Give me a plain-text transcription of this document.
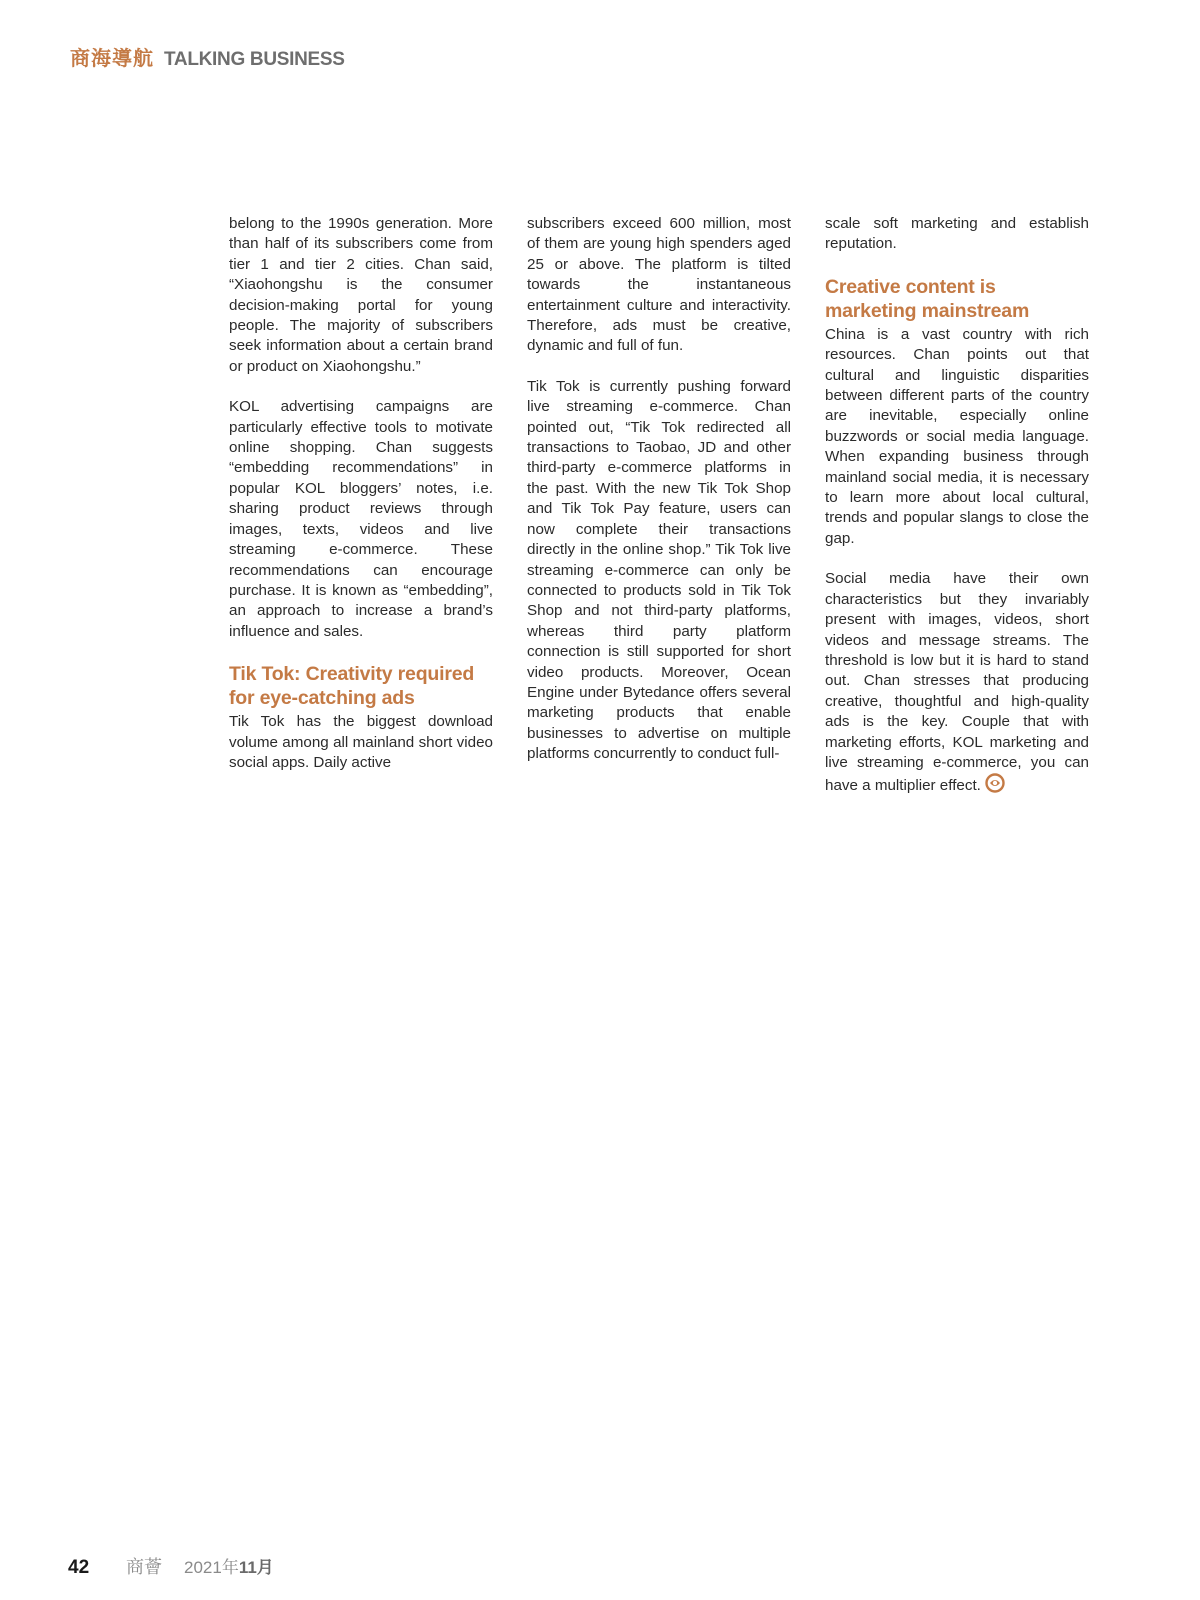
商海導航 TALKING BUSINESS

belong to the 1990s generation. More than half of its subscribers come from tier 1 and tier 2 cities. Chan said, “Xiaohongshu is the consumer decision-making portal for young people. The majority of subscribers seek information about a certain brand or product on Xiaohongshu.”

KOL advertising campaigns are particularly effective tools to motivate online shopping. Chan suggests “embedding recommendations” in popular KOL bloggers’ notes, i.e. sharing product reviews through images, texts, videos and live streaming e-commerce. These recommendations can encourage purchase. It is known as “embedding”, an approach to increase a brand’s influence and sales.

Tik Tok: Creativity required for eye-catching ads

Tik Tok has the biggest download volume among all mainland short video social apps. Daily active

subscribers exceed 600 million, most of them are young high spenders aged 25 or above. The platform is tilted towards the instantaneous entertainment culture and interactivity. Therefore, ads must be creative, dynamic and full of fun.

Tik Tok is currently pushing forward live streaming e-commerce. Chan pointed out, “Tik Tok redirected all transactions to Taobao, JD and other third-party e-commerce platforms in the past. With the new Tik Tok Shop and Tik Tok Pay feature, users can now complete their transactions directly in the online shop.” Tik Tok live streaming e-commerce can only be connected to products sold in Tik Tok Shop and not third-party platforms, whereas third party platform connection is still supported for short video products. Moreover, Ocean Engine under Bytedance offers several marketing products that enable businesses to advertise on multiple platforms concurrently to conduct full-

scale soft marketing and establish reputation.

Creative content is marketing mainstream

China is a vast country with rich resources. Chan points out that cultural and linguistic disparities between different parts of the country are inevitable, especially online buzzwords or social media language. When expanding business through mainland social media, it is necessary to learn more about local cultural, trends and popular slangs to close the gap.

Social media have their own characteristics but they invariably present with images, videos, short videos and message streams. The threshold is low but it is hard to stand out. Chan stresses that producing creative, thoughtful and high-quality ads is the key. Couple that with marketing efforts, KOL marketing and live streaming e-commerce, you can have a multiplier effect.

42	商薈	2021年11月
